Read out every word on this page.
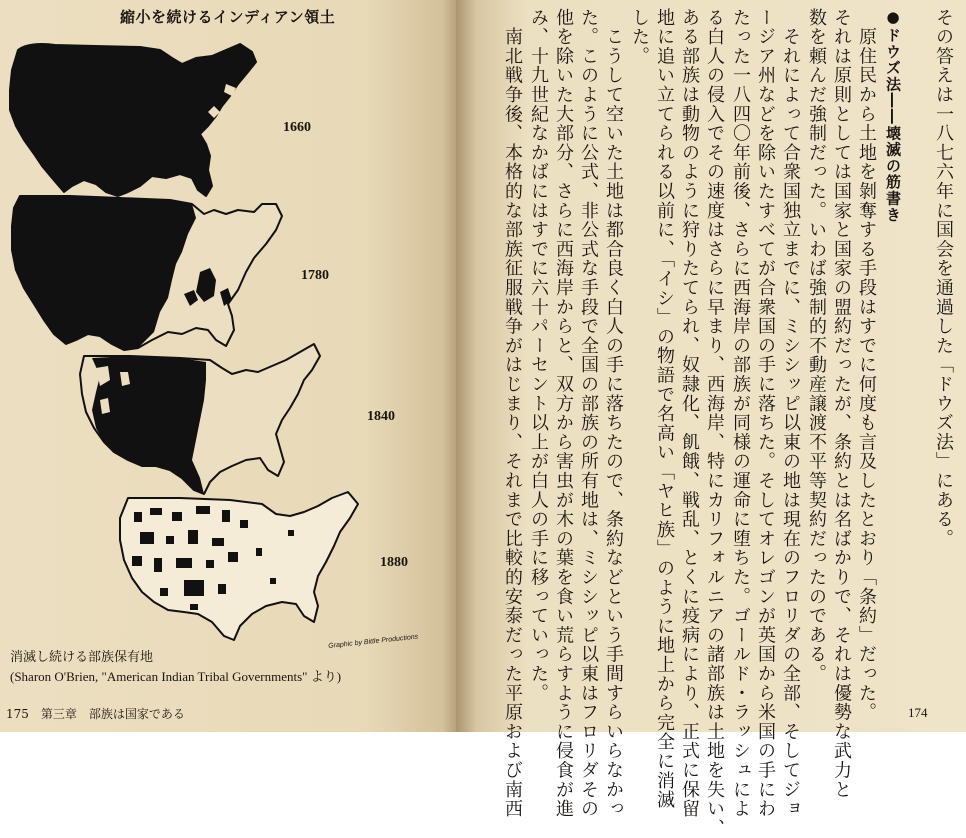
縮小を続けるインディアン領土
1660
1780
1840
1880
Graphic by Bittle Productions
消滅し続ける部族保有地
(Sharon O'Brien, "American Indian Tribal Governments" より)
175　第三章　部族は国家である
その答えは一八七六年に国会を通過した「ドウズ法」にある。
●ドウズ法――壊滅の筋書き
　原住民から土地を剝奪する手段はすでに何度も言及したとおり「条約」だった。
それは原則としては国家と国家の盟約だったが、条約とは名ばかりで、それは優勢な武力と
数を頼んだ強制だった。いわば強制的不動産譲渡不平等契約だったのである。
　それによって合衆国独立までに、ミシシッピ以東の地は現在のフロリダの全部、そしてジョ
ージア州などを除いたすべてが合衆国の手に落ちた。そしてオレゴンが英国から米国の手にわ
たった一八四〇年前後、さらに西海岸の部族が同様の運命に堕ちた。ゴールド・ラッシュによ
る白人の侵入でその速度はさらに早まり、西海岸、特にカリフォルニアの諸部族は土地を失い、
ある部族は動物のように狩りたてられ、奴隷化、飢餓、戦乱、とくに疫病により、正式に保留
地に追い立てられる以前に、「イシ」の物語で名高い「ヤヒ族」のように地上から完全に消滅
した。
　こうして空いた土地は都合良く白人の手に落ちたので、条約などという手間すらいらなかっ
た。このように公式、非公式な手段で全国の部族の所有地は、ミシシッピ以東はフロリダその
他を除いた大部分、さらに西海岸からと、双方から害虫が木の葉を食い荒らすように侵食が進
み、十九世紀なかばにはすでに六十パーセント以上が白人の手に移っていった。
　南北戦争後、本格的な部族征服戦争がはじまり、それまで比較的安泰だった平原および南西	174
